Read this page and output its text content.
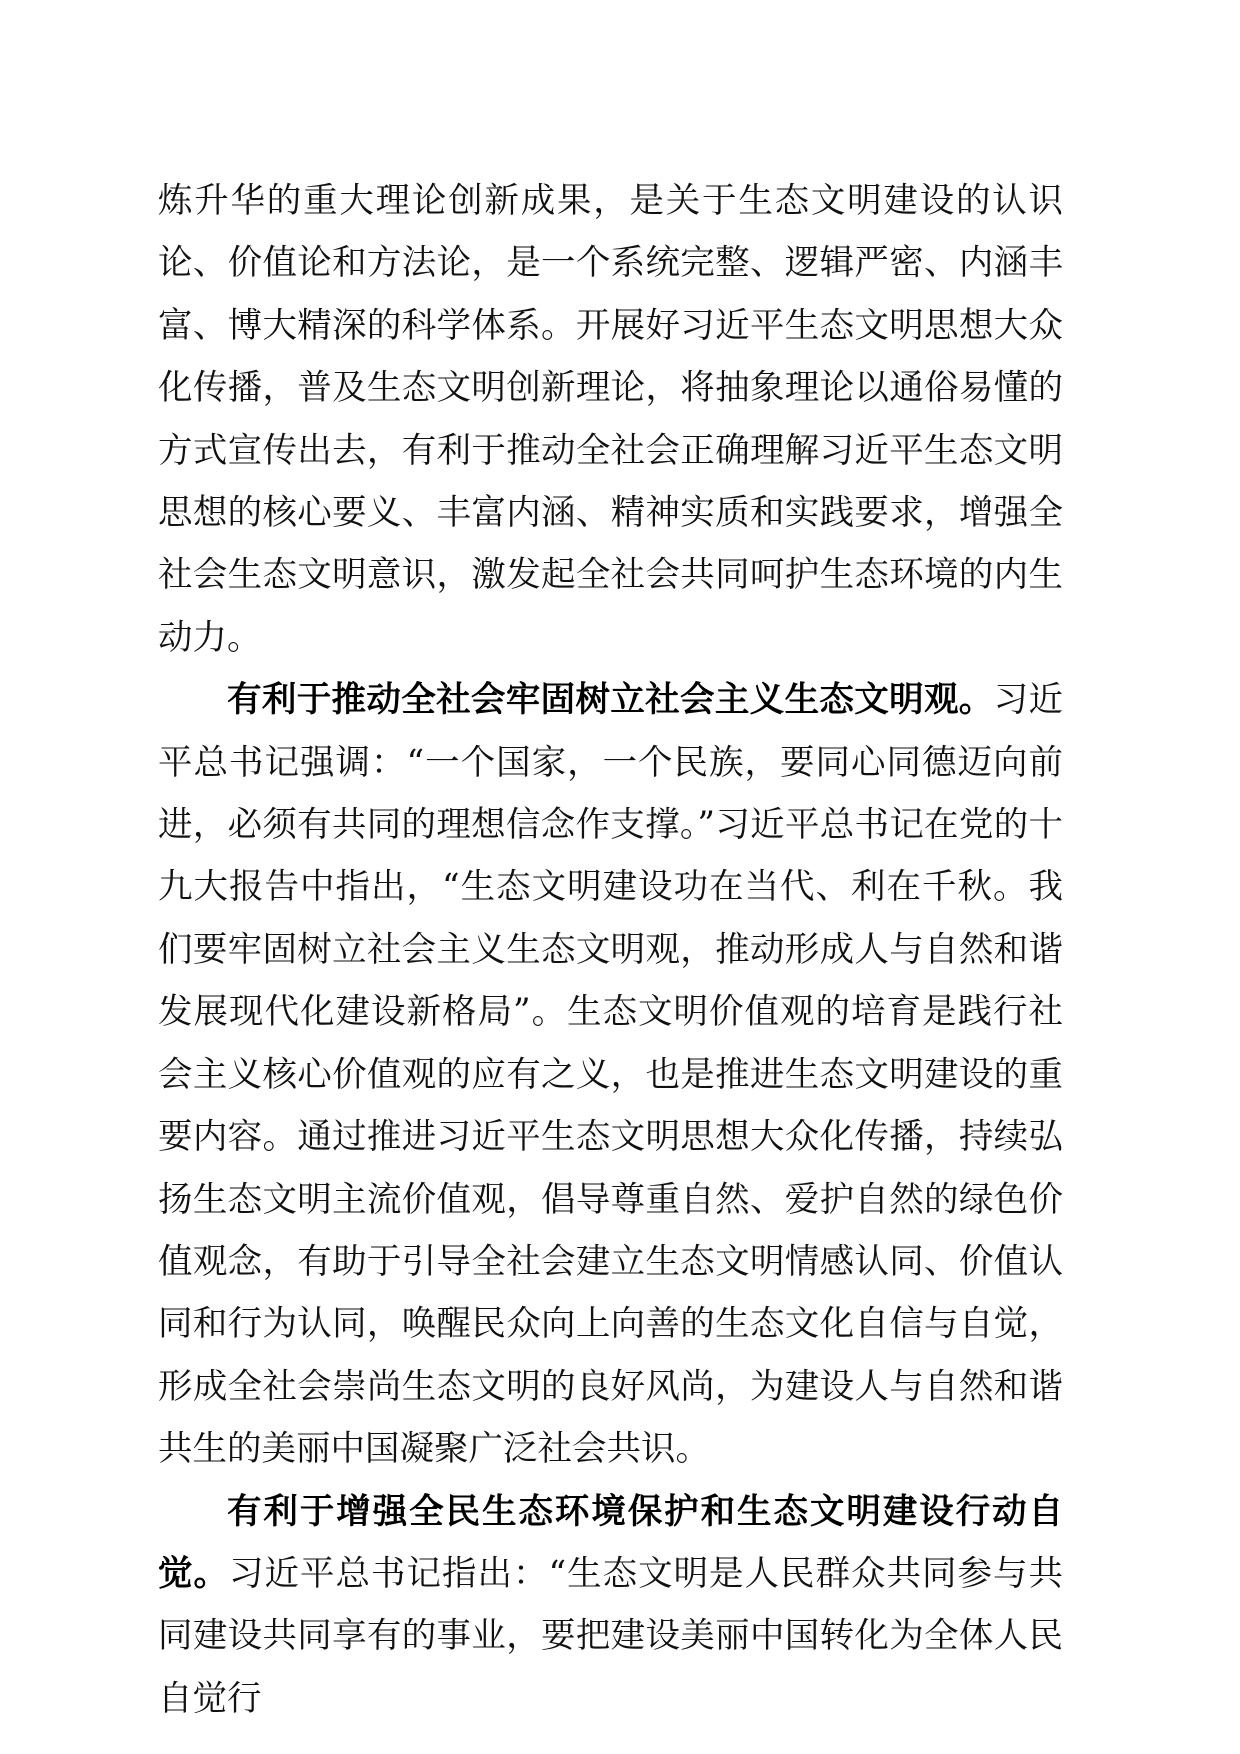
炼升华的重大理论创新成果，是关于生态文明建设的认识论、价值论和方法论，是一个系统完整、逻辑严密、内涵丰富、博大精深的科学体系。开展好习近平生态文明思想大众化传播，普及生态文明创新理论，将抽象理论以通俗易懂的方式宣传出去，有利于推动全社会正确理解习近平生态文明思想的核心要义、丰富内涵、精神实质和实践要求，增强全社会生态文明意识，激发起全社会共同呵护生态环境的内生动力。

有利于推动全社会牢固树立社会主义生态文明观。习近平总书记强调：“一个国家，一个民族，要同心同德迈向前进，必须有共同的理想信念作支撑。”习近平总书记在党的十九大报告中指出，“生态文明建设功在当代、利在千秋。我们要牢固树立社会主义生态文明观，推动形成人与自然和谐发展现代化建设新格局”。生态文明价值观的培育是践行社会主义核心价值观的应有之义，也是推进生态文明建设的重要内容。通过推进习近平生态文明思想大众化传播，持续弘扬生态文明主流价值观，倡导尊重自然、爱护自然的绿色价值观念，有助于引导全社会建立生态文明情感认同、价值认同和行为认同，唤醒民众向上向善的生态文化自信与自觉，形成全社会崇尚生态文明的良好风尚，为建设人与自然和谐共生的美丽中国凝聚广泛社会共识。

有利于增强全民生态环境保护和生态文明建设行动自觉。习近平总书记指出：“生态文明是人民群众共同参与共同建设共同享有的事业，要把建设美丽中国转化为全体人民自觉行
